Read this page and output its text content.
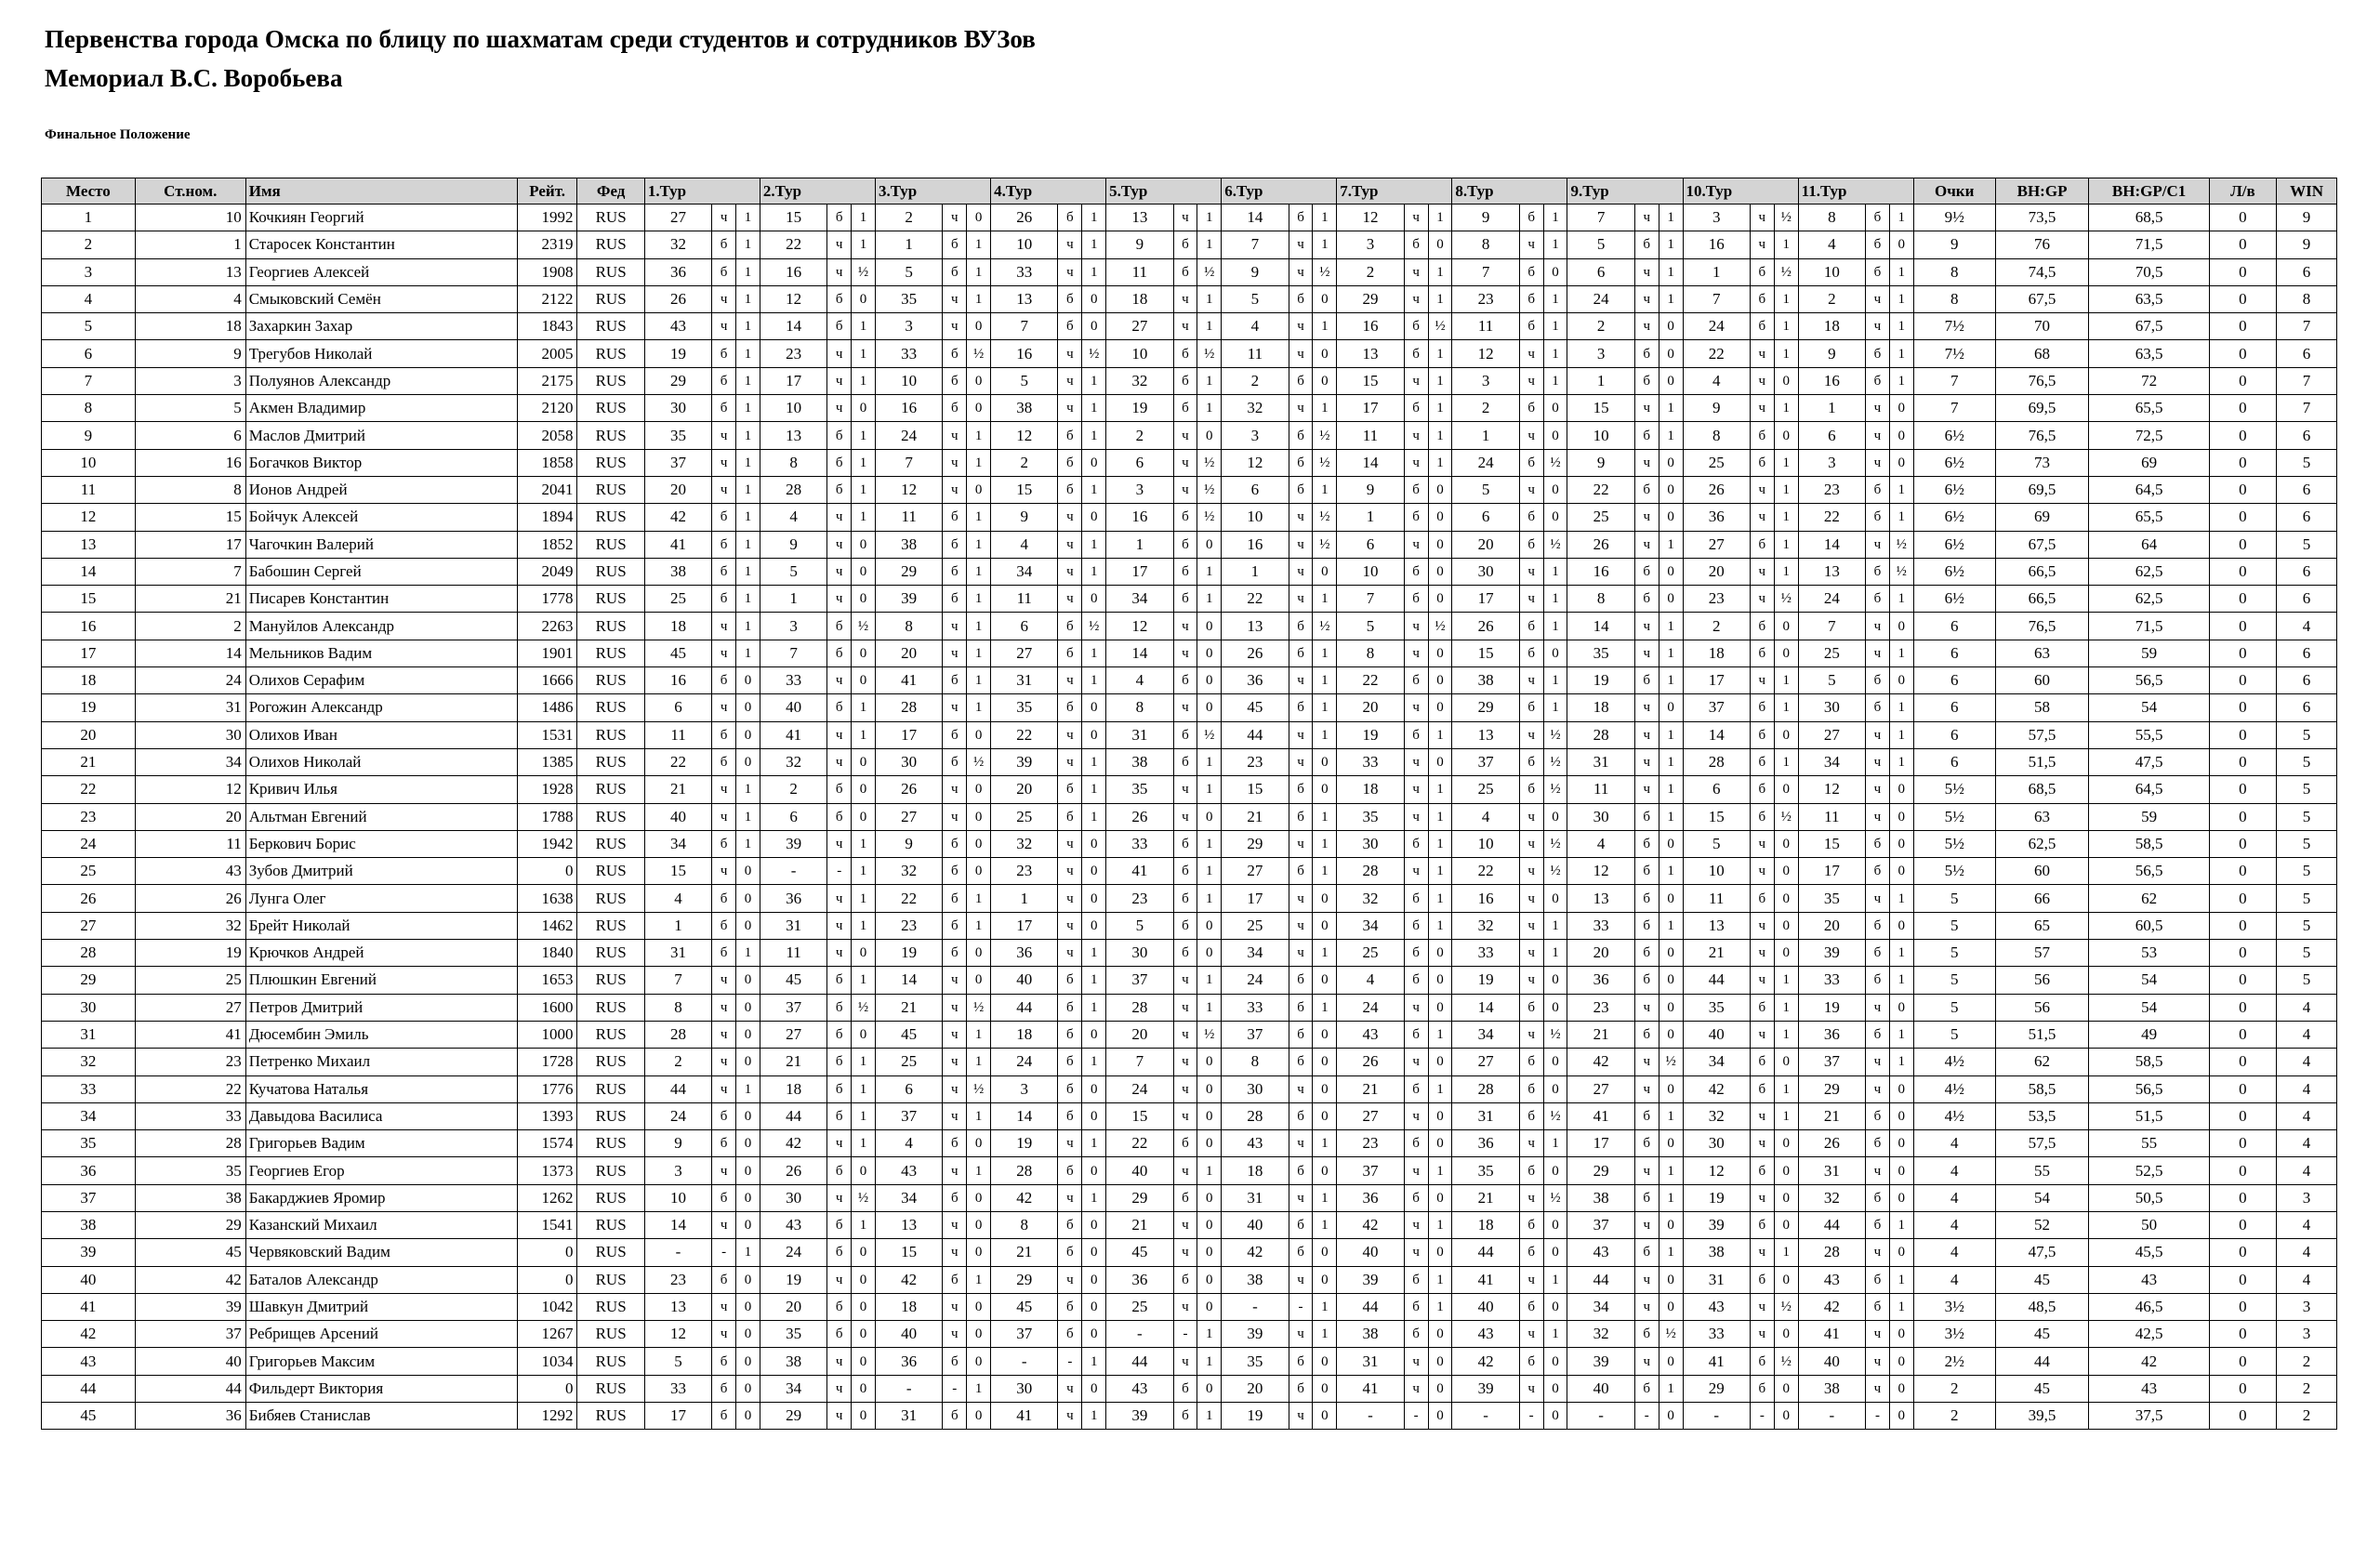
Первенства города Омска по блицу по шахматам среди студентов и сотрудников ВУЗов
Мемориал В.С. Воробьева
Финальное Положение
Место	Ст.ном.	Имя	Рейт.	Фед	1.Тур			2.Тур			3.Тур			4.Тур			5.Тур			6.Тур			7.Тур			8.Тур			9.Тур			10.Тур			11.Тур			Очки	BH:GP	BH:GP/C1	Л/в	WIN
1	10	Кочкиян Георгий	1992	RUS	27	ч	1	15	б	1	2	ч	0	26	б	1	13	ч	1	14	б	1	12	ч	1	9	б	1	7	ч	1	3	ч	½	8	б	1	9½	73,5	68,5	0	9
2	1	Старосек Константин	2319	RUS	32	б	1	22	ч	1	1	б	1	10	ч	1	9	б	1	7	ч	1	3	б	0	8	ч	1	5	б	1	16	ч	1	4	б	0	9	76	71,5	0	9
3	13	Георгиев Алексей	1908	RUS	36	б	1	16	ч	½	5	б	1	33	ч	1	11	б	½	9	ч	½	2	ч	1	7	б	0	6	ч	1	1	б	½	10	б	1	8	74,5	70,5	0	6
4	4	Смыковский Семён	2122	RUS	26	ч	1	12	б	0	35	ч	1	13	б	0	18	ч	1	5	б	0	29	ч	1	23	б	1	24	ч	1	7	б	1	2	ч	1	8	67,5	63,5	0	8
5	18	Захаркин Захар	1843	RUS	43	ч	1	14	б	1	3	ч	0	7	б	0	27	ч	1	4	ч	1	16	б	½	11	б	1	2	ч	0	24	б	1	18	ч	1	7½	70	67,5	0	7
6	9	Трегубов Николай	2005	RUS	19	б	1	23	ч	1	33	б	½	16	ч	½	10	б	½	11	ч	0	13	б	1	12	ч	1	3	б	0	22	ч	1	9	б	1	7½	68	63,5	0	6
7	3	Полуянов Александр	2175	RUS	29	б	1	17	ч	1	10	б	0	5	ч	1	32	б	1	2	б	0	15	ч	1	3	ч	1	1	б	0	4	ч	0	16	б	1	7	76,5	72	0	7
8	5	Акмен Владимир	2120	RUS	30	б	1	10	ч	0	16	б	0	38	ч	1	19	б	1	32	ч	1	17	б	1	2	б	0	15	ч	1	9	ч	1	1	ч	0	7	69,5	65,5	0	7
9	6	Маслов Дмитрий	2058	RUS	35	ч	1	13	б	1	24	ч	1	12	б	1	2	ч	0	3	б	½	11	ч	1	1	ч	0	10	б	1	8	б	0	6	ч	0	6½	76,5	72,5	0	6
10	16	Богачков Виктор	1858	RUS	37	ч	1	8	б	1	7	ч	1	2	б	0	6	ч	½	12	б	½	14	ч	1	24	б	½	9	ч	0	25	б	1	3	ч	0	6½	73	69	0	5
11	8	Ионов Андрей	2041	RUS	20	ч	1	28	б	1	12	ч	0	15	б	1	3	ч	½	6	б	1	9	б	0	5	ч	0	22	б	0	26	ч	1	23	б	1	6½	69,5	64,5	0	6
12	15	Бойчук Алексей	1894	RUS	42	б	1	4	ч	1	11	б	1	9	ч	0	16	б	½	10	ч	½	1	б	0	6	б	0	25	ч	0	36	ч	1	22	б	1	6½	69	65,5	0	6
13	17	Чагочкин Валерий	1852	RUS	41	б	1	9	ч	0	38	б	1	4	ч	1	1	б	0	16	ч	½	6	ч	0	20	б	½	26	ч	1	27	б	1	14	ч	½	6½	67,5	64	0	5
14	7	Бабошин Сергей	2049	RUS	38	б	1	5	ч	0	29	б	1	34	ч	1	17	б	1	1	ч	0	10	б	0	30	ч	1	16	б	0	20	ч	1	13	б	½	6½	66,5	62,5	0	6
15	21	Писарев Константин	1778	RUS	25	б	1	1	ч	0	39	б	1	11	ч	0	34	б	1	22	ч	1	7	б	0	17	ч	1	8	б	0	23	ч	½	24	б	1	6½	66,5	62,5	0	6
16	2	Мануйлов Александр	2263	RUS	18	ч	1	3	б	½	8	ч	1	6	б	½	12	ч	0	13	б	½	5	ч	½	26	б	1	14	ч	1	2	б	0	7	ч	0	6	76,5	71,5	0	4
17	14	Мельников Вадим	1901	RUS	45	ч	1	7	б	0	20	ч	1	27	б	1	14	ч	0	26	б	1	8	ч	0	15	б	0	35	ч	1	18	б	0	25	ч	1	6	63	59	0	6
18	24	Олихов Серафим	1666	RUS	16	б	0	33	ч	0	41	б	1	31	ч	1	4	б	0	36	ч	1	22	б	0	38	ч	1	19	б	1	17	ч	1	5	б	0	6	60	56,5	0	6
19	31	Рогожин Александр	1486	RUS	6	ч	0	40	б	1	28	ч	1	35	б	0	8	ч	0	45	б	1	20	ч	0	29	б	1	18	ч	0	37	б	1	30	б	1	6	58	54	0	6
20	30	Олихов Иван	1531	RUS	11	б	0	41	ч	1	17	б	0	22	ч	0	31	б	½	44	ч	1	19	б	1	13	ч	½	28	ч	1	14	б	0	27	ч	1	6	57,5	55,5	0	5
21	34	Олихов Николай	1385	RUS	22	б	0	32	ч	0	30	б	½	39	ч	1	38	б	1	23	ч	0	33	ч	0	37	б	½	31	ч	1	28	б	1	34	ч	1	6	51,5	47,5	0	5
22	12	Кривич Илья	1928	RUS	21	ч	1	2	б	0	26	ч	0	20	б	1	35	ч	1	15	б	0	18	ч	1	25	б	½	11	ч	1	6	б	0	12	ч	0	5½	68,5	64,5	0	5
23	20	Альтман Евгений	1788	RUS	40	ч	1	6	б	0	27	ч	0	25	б	1	26	ч	0	21	б	1	35	ч	1	4	ч	0	30	б	1	15	б	½	11	ч	0	5½	63	59	0	5
24	11	Беркович Борис	1942	RUS	34	б	1	39	ч	1	9	б	0	32	ч	0	33	б	1	29	ч	1	30	б	1	10	ч	½	4	б	0	5	ч	0	15	б	0	5½	62,5	58,5	0	5
25	43	Зубов Дмитрий	0	RUS	15	ч	0	-	-	1	32	б	0	23	ч	0	41	б	1	27	б	1	28	ч	1	22	ч	½	12	б	1	10	ч	0	17	б	0	5½	60	56,5	0	5
26	26	Лунга Олег	1638	RUS	4	б	0	36	ч	1	22	б	1	1	ч	0	23	б	1	17	ч	0	32	б	1	16	ч	0	13	б	0	11	б	0	35	ч	1	5	66	62	0	5
27	32	Брейт Николай	1462	RUS	1	б	0	31	ч	1	23	б	1	17	ч	0	5	б	0	25	ч	0	34	б	1	32	ч	1	33	б	1	13	ч	0	20	б	0	5	65	60,5	0	5
28	19	Крючков Андрей	1840	RUS	31	б	1	11	ч	0	19	б	0	36	ч	1	30	б	0	34	ч	1	25	б	0	33	ч	1	20	б	0	21	ч	0	39	б	1	5	57	53	0	5
29	25	Плюшкин Евгений	1653	RUS	7	ч	0	45	б	1	14	ч	0	40	б	1	37	ч	1	24	б	0	4	б	0	19	ч	0	36	б	0	44	ч	1	33	б	1	5	56	54	0	5
30	27	Петров Дмитрий	1600	RUS	8	ч	0	37	б	½	21	ч	½	44	б	1	28	ч	1	33	б	1	24	ч	0	14	б	0	23	ч	0	35	б	1	19	ч	0	5	56	54	0	4
31	41	Дюсембин Эмиль	1000	RUS	28	ч	0	27	б	0	45	ч	1	18	б	0	20	ч	½	37	б	0	43	б	1	34	ч	½	21	б	0	40	ч	1	36	б	1	5	51,5	49	0	4
32	23	Петренко Михаил	1728	RUS	2	ч	0	21	б	1	25	ч	1	24	б	1	7	ч	0	8	б	0	26	ч	0	27	б	0	42	ч	½	34	б	0	37	ч	1	4½	62	58,5	0	4
33	22	Кучатова Наталья	1776	RUS	44	ч	1	18	б	1	6	ч	½	3	б	0	24	ч	0	30	ч	0	21	б	1	28	б	0	27	ч	0	42	б	1	29	ч	0	4½	58,5	56,5	0	4
34	33	Давыдова Василиса	1393	RUS	24	б	0	44	б	1	37	ч	1	14	б	0	15	ч	0	28	б	0	27	ч	0	31	б	½	41	б	1	32	ч	1	21	б	0	4½	53,5	51,5	0	4
35	28	Григорьев Вадим	1574	RUS	9	б	0	42	ч	1	4	б	0	19	ч	1	22	б	0	43	ч	1	23	б	0	36	ч	1	17	б	0	30	ч	0	26	б	0	4	57,5	55	0	4
36	35	Георгиев Егор	1373	RUS	3	ч	0	26	б	0	43	ч	1	28	б	0	40	ч	1	18	б	0	37	ч	1	35	б	0	29	ч	1	12	б	0	31	ч	0	4	55	52,5	0	4
37	38	Бакарджиев Яромир	1262	RUS	10	б	0	30	ч	½	34	б	0	42	ч	1	29	б	0	31	ч	1	36	б	0	21	ч	½	38	б	1	19	ч	0	32	б	0	4	54	50,5	0	3
38	29	Казанский Михаил	1541	RUS	14	ч	0	43	б	1	13	ч	0	8	б	0	21	ч	0	40	б	1	42	ч	1	18	б	0	37	ч	0	39	б	0	44	б	1	4	52	50	0	4
39	45	Червяковский Вадим	0	RUS	-	-	1	24	б	0	15	ч	0	21	б	0	45	ч	0	42	б	0	40	ч	0	44	б	0	43	б	1	38	ч	1	28	ч	0	4	47,5	45,5	0	4
40	42	Баталов Александр	0	RUS	23	б	0	19	ч	0	42	б	1	29	ч	0	36	б	0	38	ч	0	39	б	1	41	ч	1	44	ч	0	31	б	0	43	б	1	4	45	43	0	4
41	39	Шавкун Дмитрий	1042	RUS	13	ч	0	20	б	0	18	ч	0	45	б	0	25	ч	0	-	-	1	44	б	1	40	б	0	34	ч	0	43	ч	½	42	б	1	3½	48,5	46,5	0	3
42	37	Ребрищев Арсений	1267	RUS	12	ч	0	35	б	0	40	ч	0	37	б	0	-	-	1	39	ч	1	38	б	0	43	ч	1	32	б	½	33	ч	0	41	ч	0	3½	45	42,5	0	3
43	40	Григорьев Максим	1034	RUS	5	б	0	38	ч	0	36	б	0	-	-	1	44	ч	1	35	б	0	31	ч	0	42	б	0	39	ч	0	41	б	½	40	ч	0	2½	44	42	0	2
44	44	Фильдерт Виктория	0	RUS	33	б	0	34	ч	0	-	-	1	30	ч	0	43	б	0	20	б	0	41	ч	0	39	ч	0	40	б	1	29	б	0	38	ч	0	2	45	43	0	2
45	36	Бибяев Станислав	1292	RUS	17	б	0	29	ч	0	31	б	0	41	ч	1	39	б	1	19	ч	0	-	-	0	-	-	0	-	-	0	-	-	0	-	-	0	2	39,5	37,5	0	2
